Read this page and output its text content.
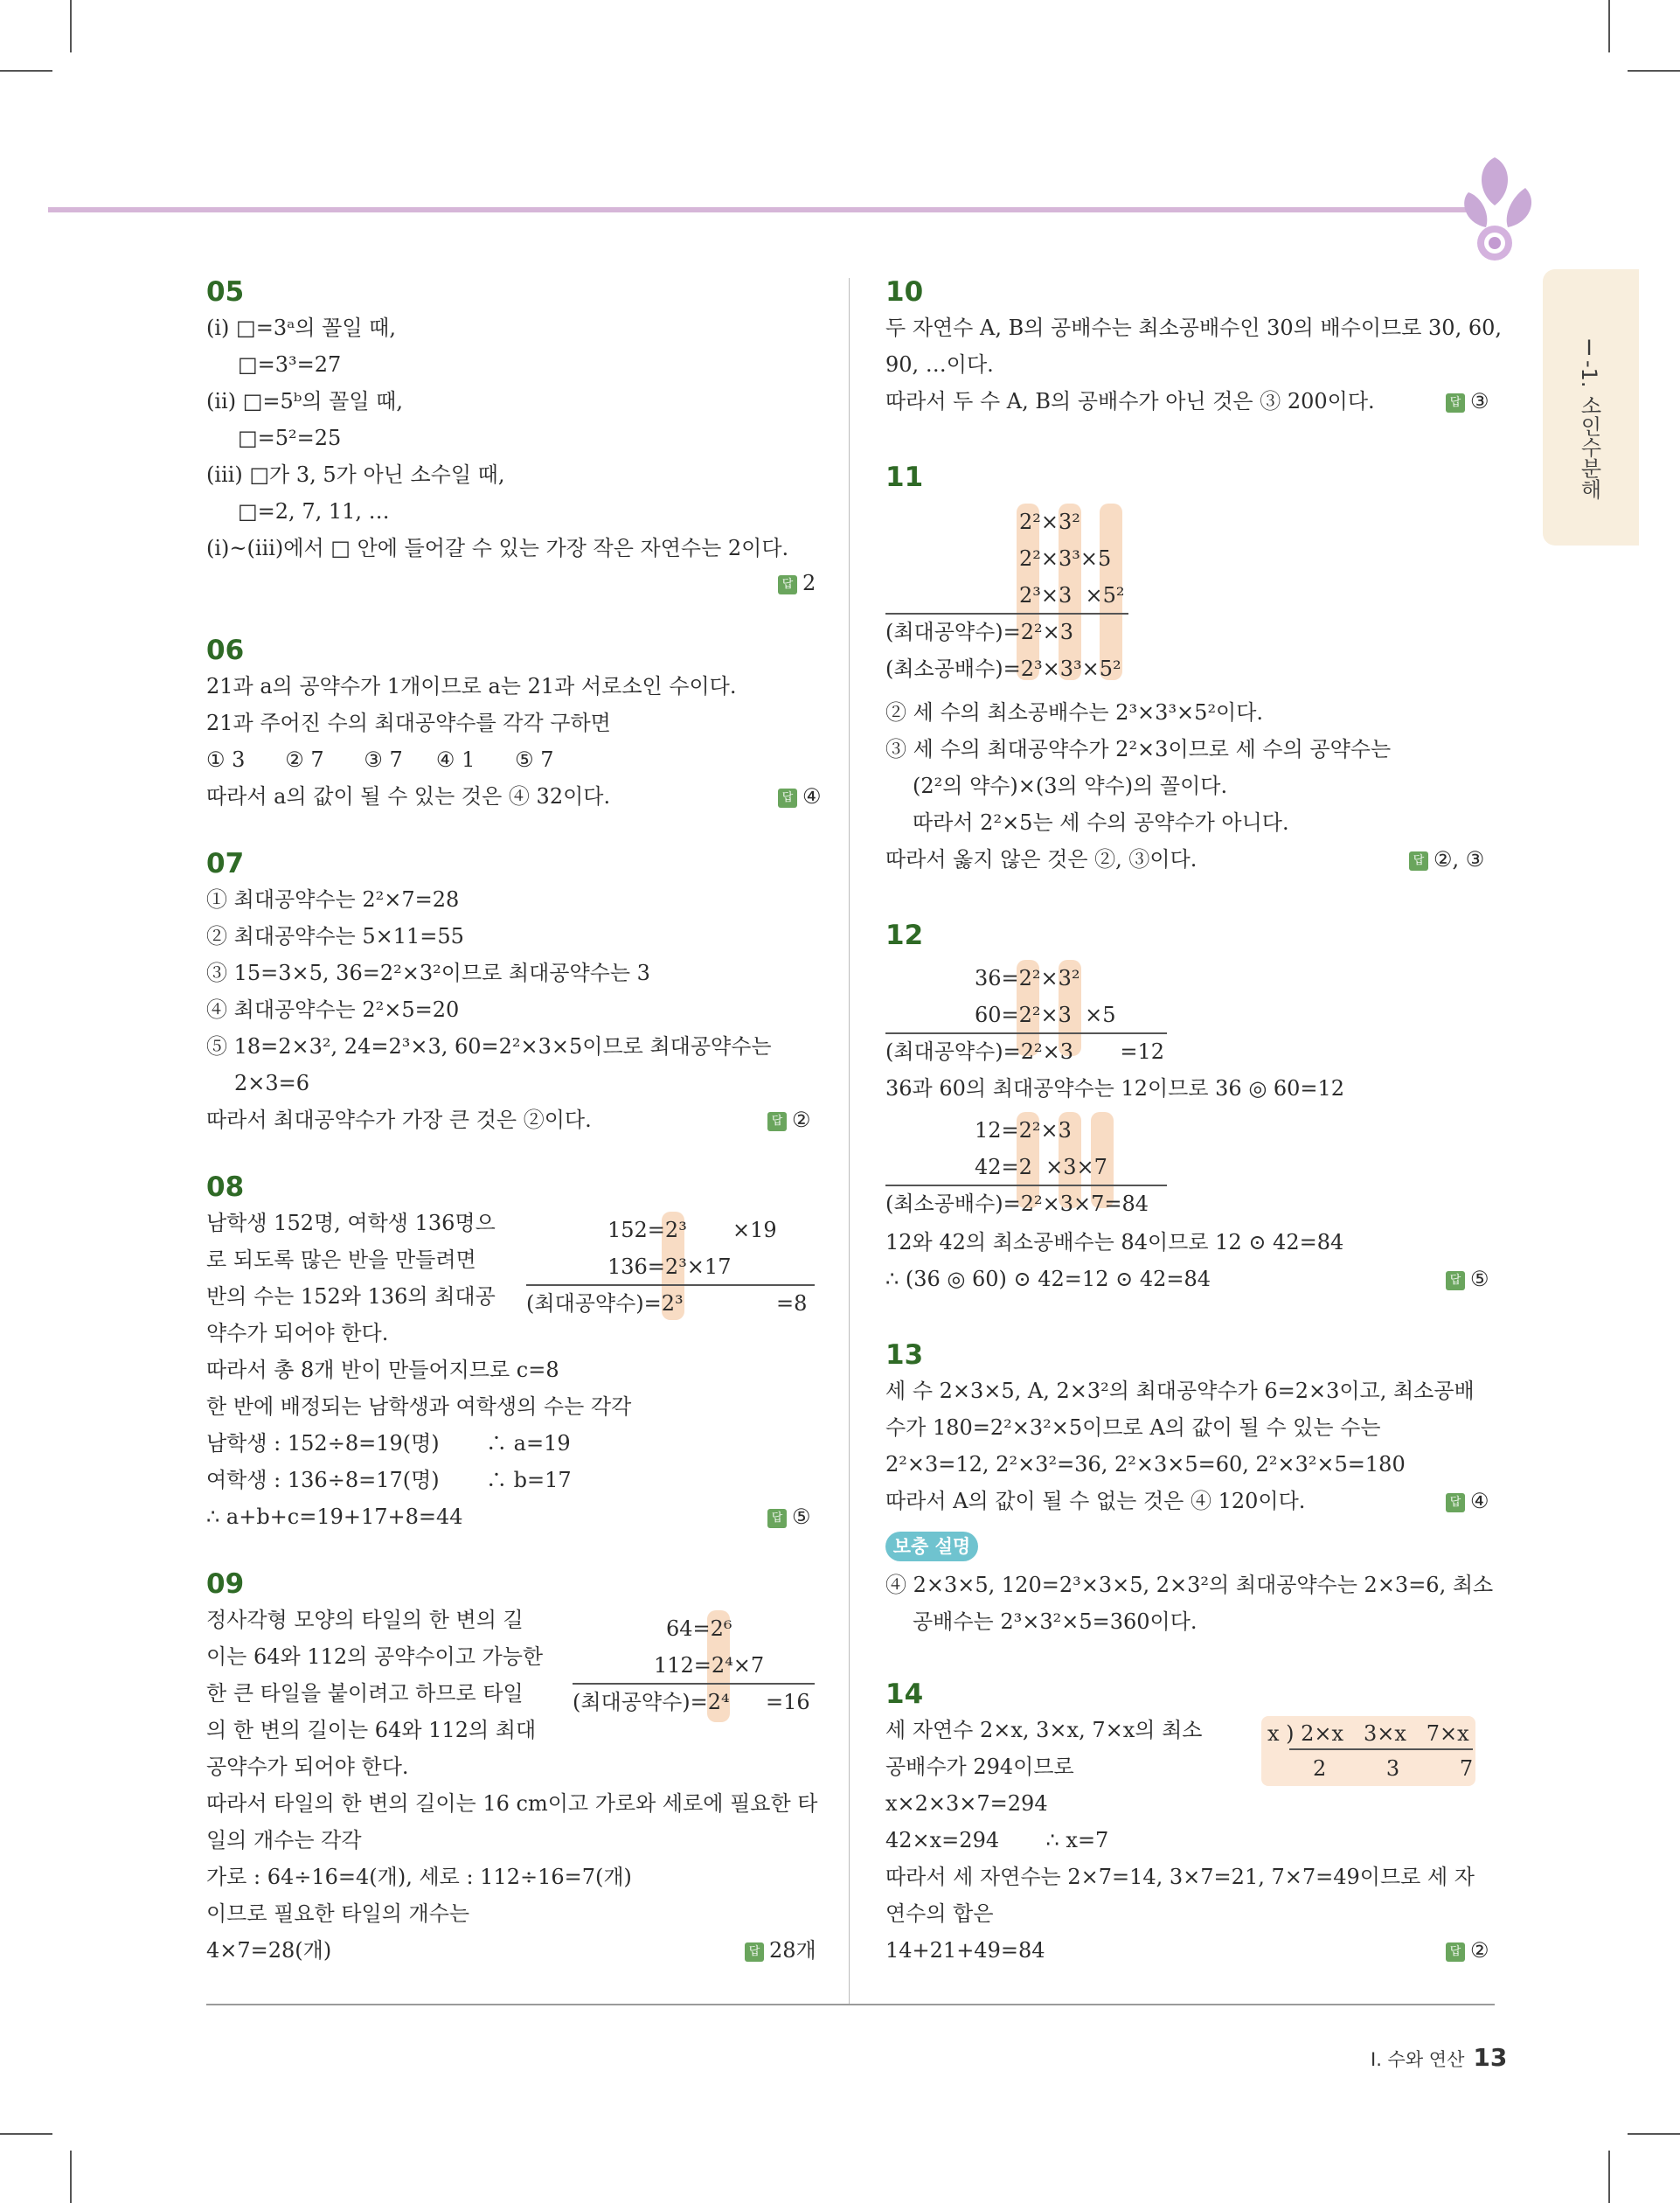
Ⅰ-1. 소인수분해
05
(ⅰ) □=3ᵃ의 꼴일 때,
□=3³=27
(ⅱ) □=5ᵇ의 꼴일 때,
□=5²=25
(ⅲ) □가 3, 5가 아닌 소수일 때,
□=2, 7, 11, …
(ⅰ)~(ⅲ)에서 □ 안에 들어갈 수 있는 가장 작은 자연수는 2이다.
답 2
06
21과 a의 공약수가 1개이므로 a는 21과 서로소인 수이다.
21과 주어진 수의 최대공약수를 각각 구하면
① 3      ② 7      ③ 7     ④ 1      ⑤ 7
따라서 a의 값이 될 수 있는 것은 ④ 32이다.	답 ④
07
① 최대공약수는 2²×7=28
② 최대공약수는 5×11=55
③ 15=3×5, 36=2²×3²이므로 최대공약수는 3
④ 최대공약수는 2²×5=20
⑤ 18=2×3², 24=2³×3, 60=2²×3×5이므로 최대공약수는
2×3=6
따라서 최대공약수가 가장 큰 것은 ②이다.	답 ②
08
남학생 152명, 여학생 136명으
로 되도록 많은 반을 만들려면
반의 수는 152와 136의 최대공
약수가 되어야 한다.
152=2³ ×19
136=2³×17
(최대공약수)=2³	=8
따라서 총 8개 반이 만들어지므로 c=8
한 반에 배정되는 남학생과 여학생의 수는 각각
남학생 : 152÷8=19(명)       ∴ a=19
여학생 : 136÷8=17(명)       ∴ b=17
∴ a+b+c=19+17+8=44	답 ⑤
09
정사각형 모양의 타일의 한 변의 길
이는 64와 112의 공약수이고 가능한
한 큰 타일을 붙이려고 하므로 타일
의 한 변의 길이는 64와 112의 최대
공약수가 되어야 한다.
64=2⁶
112=2⁴×7
(최대공약수)=2⁴ =16
따라서 타일의 한 변의 길이는 16 cm이고 가로와 세로에 필요한 타
일의 개수는 각각
가로 : 64÷16=4(개), 세로 : 112÷16=7(개)
이므로 필요한 타일의 개수는
4×7=28(개)	답 28개
10
두 자연수 A, B의 공배수는 최소공배수인 30의 배수이므로 30, 60,
90, …이다.
따라서 두 수 A, B의 공배수가 아닌 것은 ③ 200이다.	답 ③
11
2²×3²
2²×3³×5
2³×3  ×5²
(최대공약수)=2²×3
(최소공배수)=2³×3³×5²
② 세 수의 최소공배수는 2³×3³×5²이다.
③ 세 수의 최대공약수가 2²×3이므로 세 수의 공약수는
(2²의 약수)×(3의 약수)의 꼴이다.
따라서 2²×5는 세 수의 공약수가 아니다.
따라서 옳지 않은 것은 ②, ③이다.	답 ②, ③
12
36=2²×3²
60=2²×3  ×5
(최대공약수)=2²×3       =12
36과 60의 최대공약수는 12이므로 36 ◎ 60=12
12=2²×3
42=2  ×3×7
(최소공배수)=2²×3×7=84
12와 42의 최소공배수는 84이므로 12 ⊙ 42=84
∴ (36 ◎ 60) ⊙ 42=12 ⊙ 42=84	답 ⑤
13
세 수 2×3×5, A, 2×3²의 최대공약수가 6=2×3이고, 최소공배
수가 180=2²×3²×5이므로 A의 값이 될 수 있는 수는
2²×3=12, 2²×3²=36, 2²×3×5=60, 2²×3²×5=180
따라서 A의 값이 될 수 없는 것은 ④ 120이다.	답 ④
보충 설명
④ 2×3×5, 120=2³×3×5, 2×3²의 최대공약수는 2×3=6, 최소
공배수는 2³×3²×5=360이다.
14
세 자연수 2×x, 3×x, 7×x의 최소
공배수가 294이므로
x ) 2×x   3×x   7×x
2         3         7
x×2×3×7=294
42×x=294       ∴ x=7
따라서 세 자연수는 2×7=14, 3×7=21, 7×7=49이므로 세 자
연수의 합은
14+21+49=84	답 ②
Ⅰ. 수와 연산 13
